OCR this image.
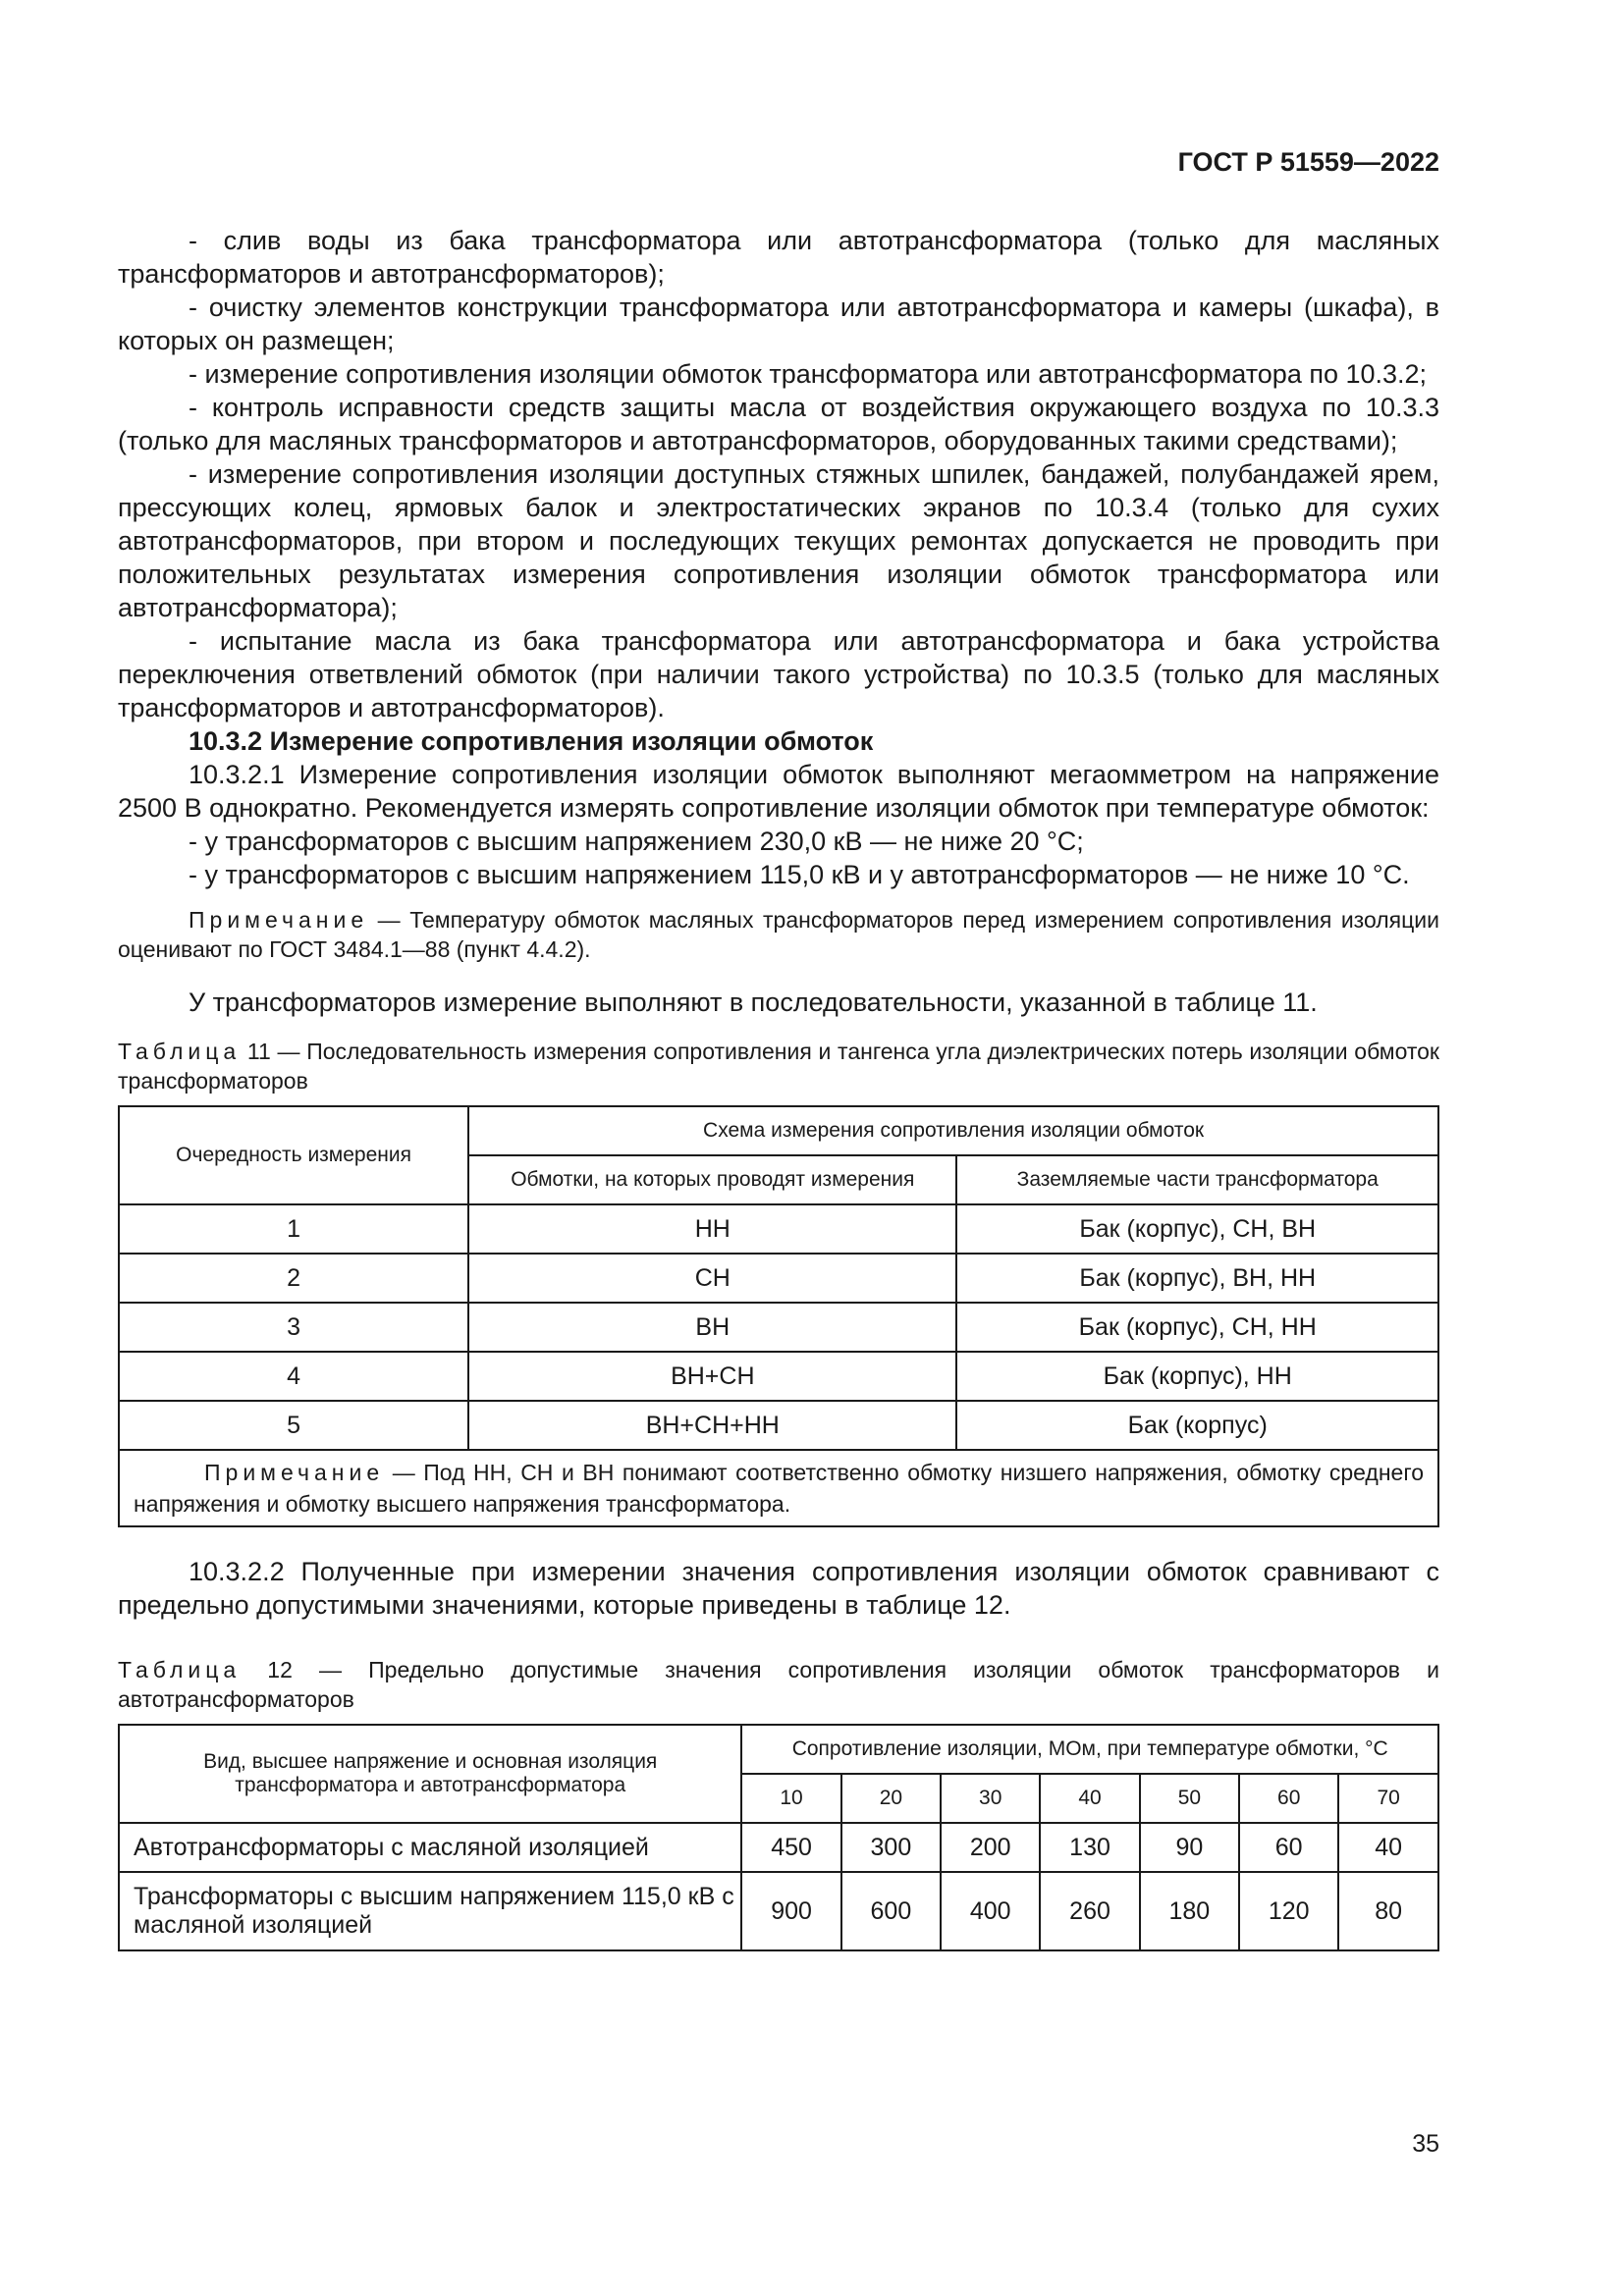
ГОСТ Р 51559—2022

- слив воды из бака трансформатора или автотрансформатора (только для масляных трансформаторов и автотрансформаторов);

- очистку элементов конструкции трансформатора или автотрансформатора и камеры (шкафа), в которых он размещен;

- измерение сопротивления изоляции обмоток трансформатора или автотрансформатора по 10.3.2;

- контроль исправности средств защиты масла от воздействия окружающего воздуха по 10.3.3 (только для масляных трансформаторов и автотрансформаторов, оборудованных такими средствами);

- измерение сопротивления изоляции доступных стяжных шпилек, бандажей, полубандажей ярем, прессующих колец, ярмовых балок и электростатических экранов по 10.3.4 (только для сухих автотрансформаторов, при втором и последующих текущих ремонтах допускается не проводить при положительных результатах измерения сопротивления изоляции обмоток трансформатора или автотрансформатора);

- испытание масла из бака трансформатора или автотрансформатора и бака устройства переключения ответвлений обмоток (при наличии такого устройства) по 10.3.5 (только для масляных трансформаторов и автотрансформаторов).

10.3.2 Измерение сопротивления изоляции обмоток

10.3.2.1 Измерение сопротивления изоляции обмоток выполняют мегаомметром на напряжение 2500 В однократно. Рекомендуется измерять сопротивление изоляции обмоток при температуре обмоток:

- у трансформаторов с высшим напряжением 230,0 кВ — не ниже 20 °С;

- у трансформаторов с высшим напряжением 115,0 кВ и у автотрансформаторов — не ниже 10 °С.

Примечание — Температуру обмоток масляных трансформаторов перед измерением сопротивления изоляции оценивают по ГОСТ 3484.1—88 (пункт 4.4.2).

У трансформаторов измерение выполняют в последовательности, указанной в таблице 11.

Таблица 11 — Последовательность измерения сопротивления и тангенса угла диэлектрических потерь изоляции обмоток трансформаторов

Очередность измерения	Схема измерения сопротивления изоляции обмоток	
	Обмотки, на которых проводят измерения	Заземляемые части трансформатора
1	НН	Бак (корпус), СН, ВН
2	СН	Бак (корпус), ВН, НН
3	ВН	Бак (корпус), СН, НН
4	ВН+СН	Бак (корпус), НН
5	ВН+СН+НН	Бак (корпус)
Примечание — Под НН, СН и ВН понимают соответственно обмотку низшего напряжения, обмотку среднего напряжения и обмотку высшего напряжения трансформатора.		

10.3.2.2 Полученные при измерении значения сопротивления изоляции обмоток сравнивают с предельно допустимыми значениями, которые приведены в таблице 12.

Таблица 12 — Предельно допустимые значения сопротивления изоляции обмоток трансформаторов и автотрансформаторов

Вид, высшее напряжение и основная изоляция трансформатора и автотрансформатора	Сопротивление изоляции, МОм, при температуре обмотки, °С						
	10	20	30	40	50	60	70
Автотрансформаторы с масляной изоляцией	450	300	200	130	90	60	40
Трансформаторы с высшим напряжением 115,0 кВ с масляной изоляцией	900	600	400	260	180	120	80
35
